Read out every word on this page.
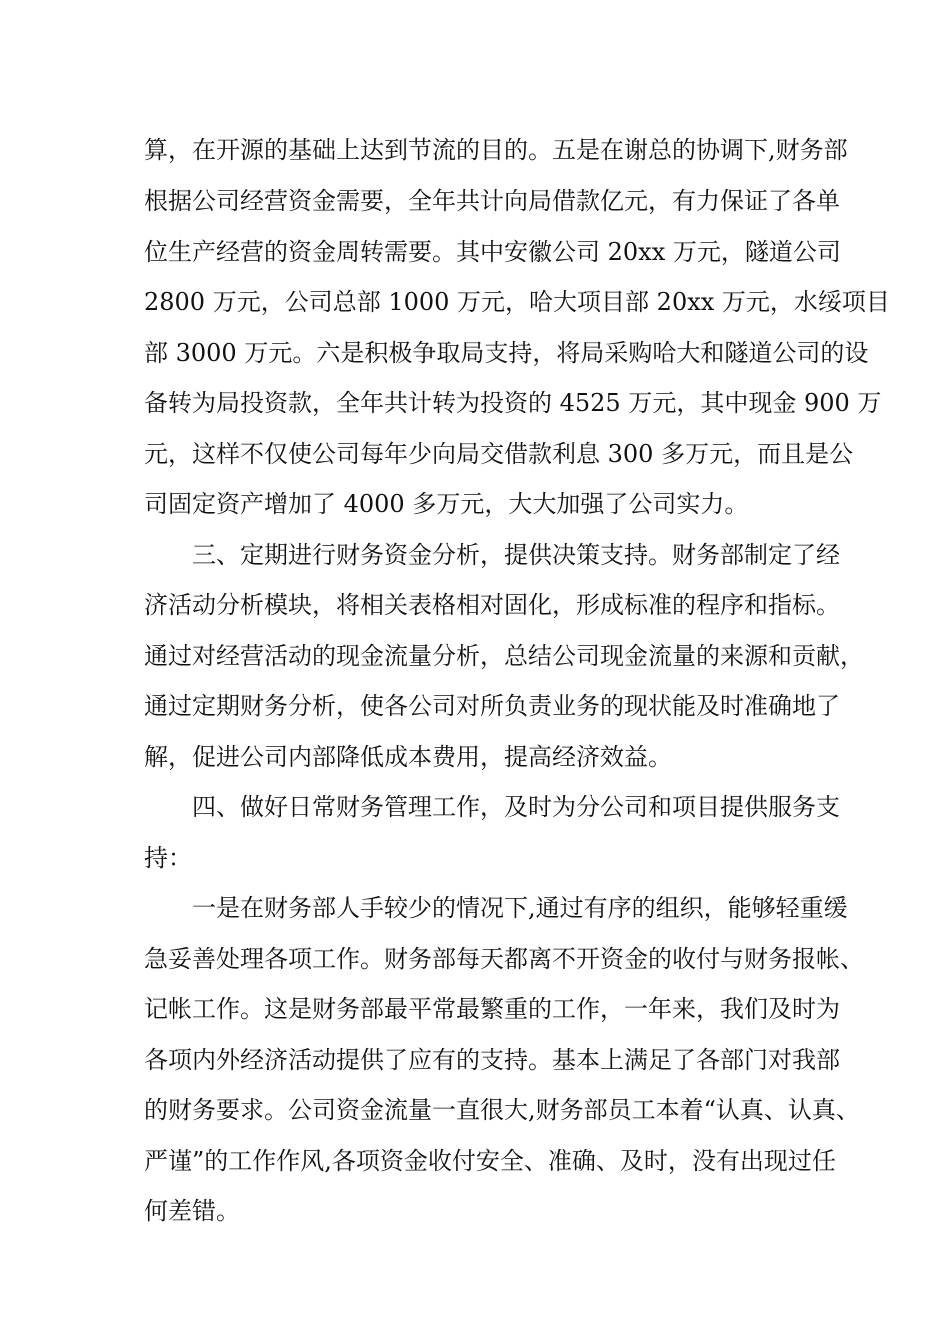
算，在开源的基础上达到节流的目的。五是在谢总的协调下,财务部
根据公司经营资金需要，全年共计向局借款亿元，有力保证了各单
位生产经营的资金周转需要。其中安徽公司 20xx 万元，隧道公司
2800 万元，公司总部 1000 万元，哈大项目部 20xx 万元，水绥项目
部 3000 万元。六是积极争取局支持，将局采购哈大和隧道公司的设
备转为局投资款，全年共计转为投资的 4525 万元，其中现金 900 万
元，这样不仅使公司每年少向局交借款利息 300 多万元，而且是公
司固定资产增加了 4000 多万元，大大加强了公司实力。
三、定期进行财务资金分析，提供决策支持。财务部制定了经
济活动分析模块，将相关表格相对固化，形成标准的程序和指标。
通过对经营活动的现金流量分析，总结公司现金流量的来源和贡献，
通过定期财务分析，使各公司对所负责业务的现状能及时准确地了
解，促进公司内部降低成本费用，提高经济效益。
四、做好日常财务管理工作，及时为分公司和项目提供服务支
持：
一是在财务部人手较少的情况下,通过有序的组织，能够轻重缓
急妥善处理各项工作。财务部每天都离不开资金的收付与财务报帐、
记帐工作。这是财务部最平常最繁重的工作，一年来，我们及时为
各项内外经济活动提供了应有的支持。基本上满足了各部门对我部
的财务要求。公司资金流量一直很大,财务部员工本着“认真、认真、
严谨”的工作作风,各项资金收付安全、准确、及时，没有出现过任
何差错。
